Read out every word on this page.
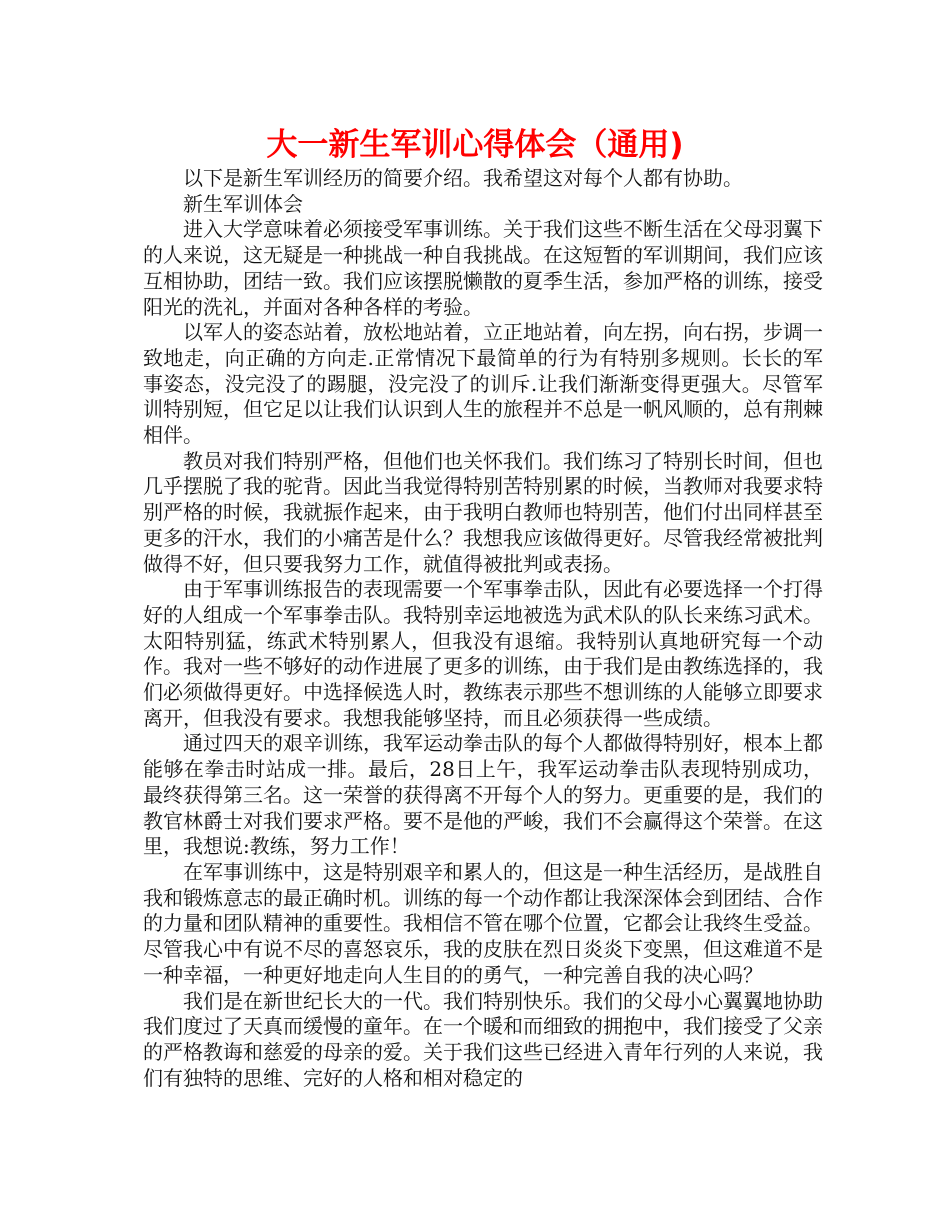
大一新生军训心得体会（通用)

以下是新生军训经历的简要介绍。我希望这对每个人都有协助。

新生军训体会

进入大学意味着必须接受军事训练。关于我们这些不断生活在父母羽翼下的人来说，这无疑是一种挑战一种自我挑战。在这短暂的军训期间，我们应该互相协助，团结一致。我们应该摆脱懒散的夏季生活，参加严格的训练，接受阳光的洗礼，并面对各种各样的考验。

以军人的姿态站着，放松地站着，立正地站着，向左拐，向右拐，步调一致地走，向正确的方向走.正常情况下最简单的行为有特别多规则。长长的军事姿态，没完没了的踢腿，没完没了的训斥.让我们渐渐变得更强大。尽管军训特别短，但它足以让我们认识到人生的旅程并不总是一帆风顺的，总有荆棘相伴。

教员对我们特别严格，但他们也关怀我们。我们练习了特别长时间，但也几乎摆脱了我的驼背。因此当我觉得特别苦特别累的时候，当教师对我要求特别严格的时候，我就振作起来，由于我明白教师也特别苦，他们付出同样甚至更多的汗水，我们的小痛苦是什么？我想我应该做得更好。尽管我经常被批判做得不好，但只要我努力工作，就值得被批判或表扬。

由于军事训练报告的表现需要一个军事拳击队，因此有必要选择一个打得好的人组成一个军事拳击队。我特别幸运地被选为武术队的队长来练习武术。太阳特别猛，练武术特别累人，但我没有退缩。我特别认真地研究每一个动作。我对一些不够好的动作进展了更多的训练，由于我们是由教练选择的，我们必须做得更好。中选择候选人时，教练表示那些不想训练的人能够立即要求离开，但我没有要求。我想我能够坚持，而且必须获得一些成绩。

通过四天的艰辛训练，我军运动拳击队的每个人都做得特别好，根本上都能够在拳击时站成一排。最后，28日上午，我军运动拳击队表现特别成功，最终获得第三名。这一荣誉的获得离不开每个人的努力。更重要的是，我们的教官林爵士对我们要求严格。要不是他的严峻，我们不会赢得这个荣誉。在这里，我想说:教练，努力工作！

在军事训练中，这是特别艰辛和累人的，但这是一种生活经历，是战胜自我和锻炼意志的最正确时机。训练的每一个动作都让我深深体会到团结、合作的力量和团队精神的重要性。我相信不管在哪个位置，它都会让我终生受益。尽管我心中有说不尽的喜怒哀乐，我的皮肤在烈日炎炎下变黑，但这难道不是一种幸福，一种更好地走向人生目的的勇气，一种完善自我的决心吗？

我们是在新世纪长大的一代。我们特别快乐。我们的父母小心翼翼地协助我们度过了天真而缓慢的童年。在一个暖和而细致的拥抱中，我们接受了父亲的严格教诲和慈爱的母亲的爱。关于我们这些已经进入青年行列的人来说，我们有独特的思维、完好的人格和相对稳定的
